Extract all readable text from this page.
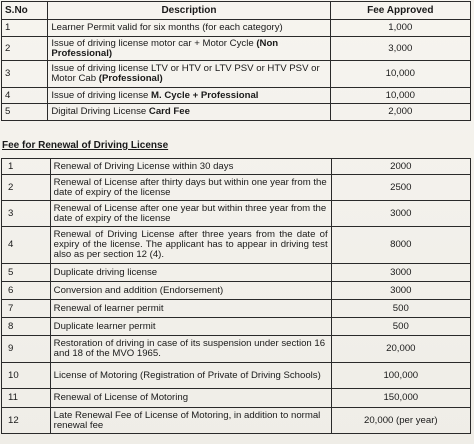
S.No	Description	Fee Approved
1	Learner Permit valid for six months (for each category)	1,000
2	Issue of driving license motor car + Motor Cycle (Non Professional)	3,000
3	Issue of driving license LTV or HTV or LTV PSV or HTV PSV or Motor Cab (Professional)	10,000
4	Issue of driving license M. Cycle + Professional	10,000
5	Digital Driving License Card Fee	2,000
Fee for Renewal of Driving License
1	Renewal of Driving License within 30 days	2000
2	Renewal of License after thirty days but within one year from the date of expiry of the license	2500
3	Renewal of License after one year but within three year from the date of expiry of the license	3000
4	Renewal of Driving License after three years from the date of expiry of the license. The applicant has to appear in driving test also as per section 12 (4).	8000
5	Duplicate driving license	3000
6	Conversion and addition (Endorsement)	3000
7	Renewal of learner permit	500
8	Duplicate learner permit	500
9	Restoration of driving in case of its suspension under section 16 and 18 of the MVO 1965.	20,000
10	License of Motoring (Registration of Private of Driving Schools)	100,000
11	Renewal of License of Motoring	150,000
12	Late Renewal Fee of License of Motoring, in addition to normal renewal fee	20,000 (per year)
